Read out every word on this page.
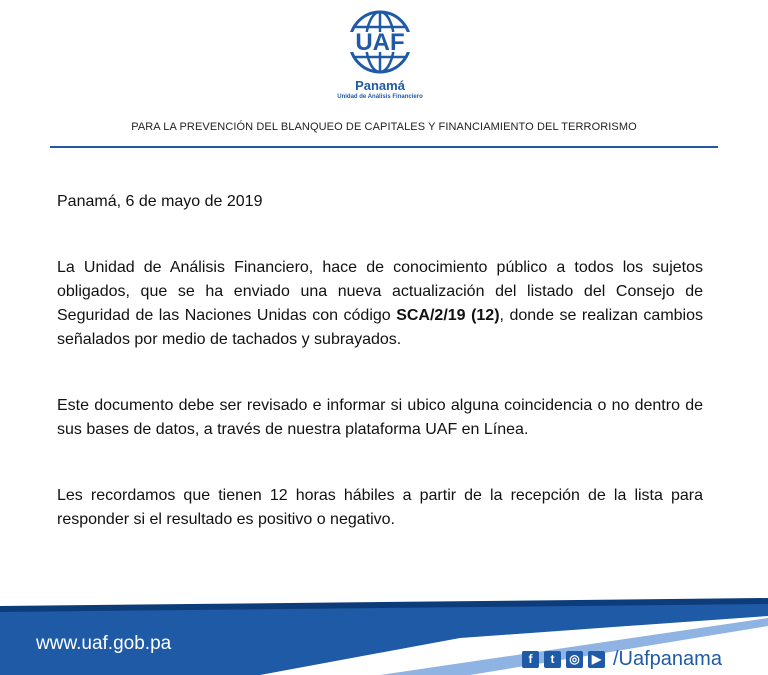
UAF
Panamá
Unidad de Análisis Financiero
PARA LA PREVENCIÓN DEL BLANQUEO DE CAPITALES Y FINANCIAMIENTO DEL TERRORISMO

Panamá, 6 de mayo de 2019

La Unidad de Análisis Financiero, hace de conocimiento público a todos los sujetos obligados, que se ha enviado una nueva actualización del listado del Consejo de Seguridad de las Naciones Unidas con código SCA/2/19 (12), donde se realizan cambios señalados por medio de tachados y subrayados.

Este documento debe ser revisado e informar si ubico alguna coincidencia o no dentro de sus bases de datos, a través de nuestra plataforma UAF en Línea.

Les recordamos que tienen 12 horas hábiles a partir de la recepción de la lista para responder si el resultado es positivo o negativo.

www.uaf.gob.pa
f	t	◎	▶ /Uafpanama
